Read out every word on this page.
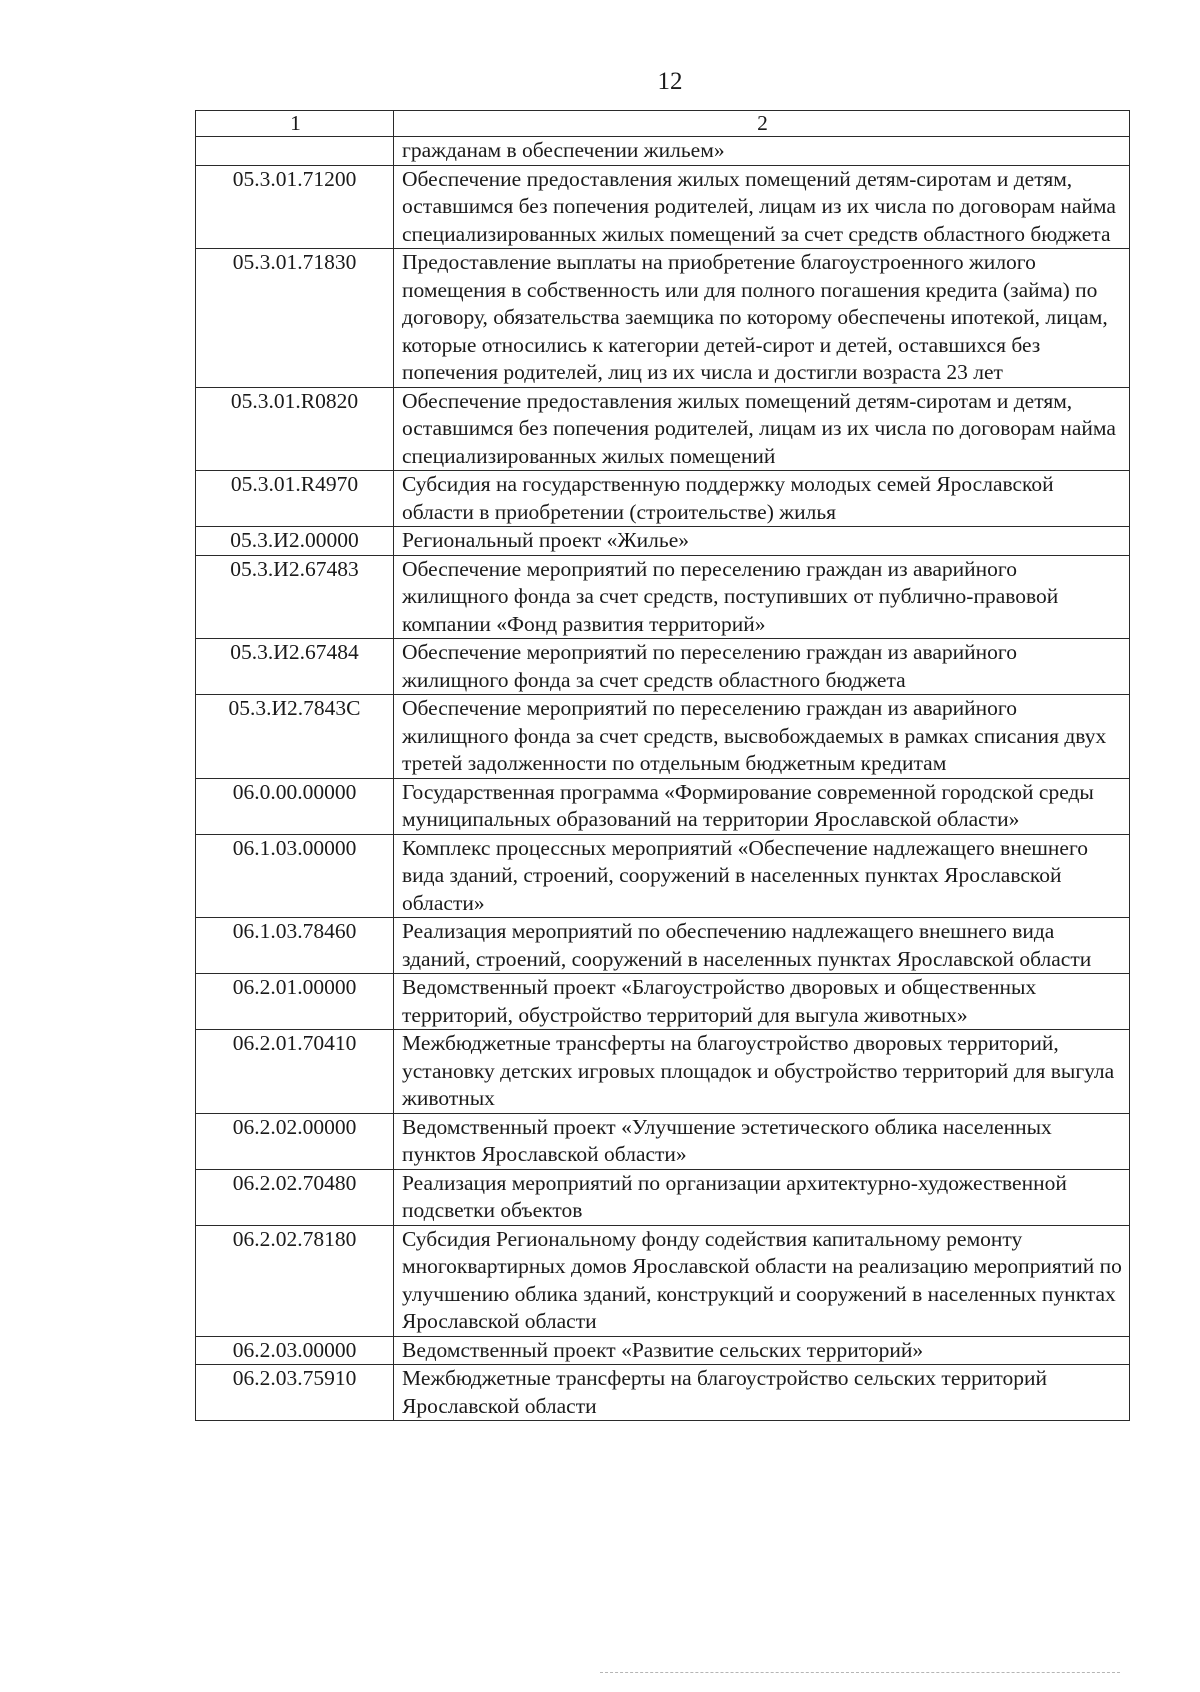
12
1	2
	гражданам в обеспечении жильем»
05.3.01.71200	Обеспечение предоставления жилых помещений детям-сиротам и детям, оставшимся без попечения родителей, лицам из их числа по договорам найма специализированных жилых помещений за счет средств областного бюджета
05.3.01.71830	Предоставление выплаты на приобретение благоустроенного жилого помещения в собственность или для полного погашения кредита (займа) по договору, обязательства заемщика по которому обеспечены ипотекой, лицам, которые относились к категории детей-сирот и детей, оставшихся без попечения родителей, лиц из их числа и достигли возраста 23 лет
05.3.01.R0820	Обеспечение предоставления жилых помещений детям-сиротам и детям, оставшимся без попечения родителей, лицам из их числа по договорам найма специализированных жилых помещений
05.3.01.R4970	Субсидия на государственную поддержку молодых семей Ярославской области в приобретении (строительстве) жилья
05.3.И2.00000	Региональный проект «Жилье»
05.3.И2.67483	Обеспечение мероприятий по переселению граждан из аварийного жилищного фонда за счет средств, поступивших от публично-правовой компании «Фонд развития территорий»
05.3.И2.67484	Обеспечение мероприятий по переселению граждан из аварийного жилищного фонда за счет средств областного бюджета
05.3.И2.7843С	Обеспечение мероприятий по переселению граждан из аварийного жилищного фонда за счет средств, высвобождаемых в рамках списания двух третей задолженности по отдельным бюджетным кредитам
06.0.00.00000	Государственная программа «Формирование современной городской среды муниципальных образований на территории Ярославской области»
06.1.03.00000	Комплекс процессных мероприятий «Обеспечение надлежащего внешнего вида зданий, строений, сооружений в населенных пунктах Ярославской области»
06.1.03.78460	Реализация мероприятий по обеспечению надлежащего внешнего вида зданий, строений, сооружений в населенных пунктах Ярославской области
06.2.01.00000	Ведомственный проект «Благоустройство дворовых и общественных территорий, обустройство территорий для выгула животных»
06.2.01.70410	Межбюджетные трансферты на благоустройство дворовых территорий, установку детских игровых площадок и обустройство территорий для выгула животных
06.2.02.00000	Ведомственный проект «Улучшение эстетического облика населенных пунктов Ярославской области»
06.2.02.70480	Реализация мероприятий по организации архитектурно-художественной подсветки объектов
06.2.02.78180	Субсидия Региональному фонду содействия капитальному ремонту многоквартирных домов Ярославской области на реализацию мероприятий по улучшению облика зданий, конструкций и сооружений в населенных пунктах Ярославской области
06.2.03.00000	Ведомственный проект «Развитие сельских территорий»
06.2.03.75910	Межбюджетные трансферты на благоустройство сельских территорий Ярославской области
